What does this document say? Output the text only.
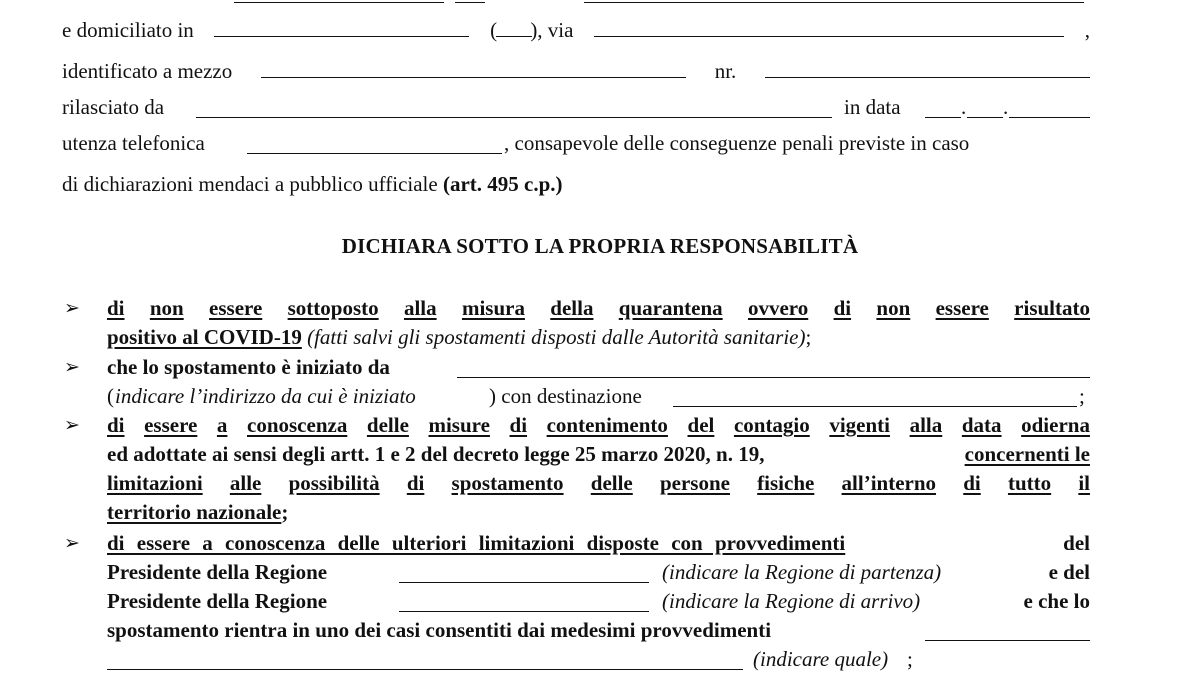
e domiciliato in	( ), via	,
identificato a mezzo	nr.
rilasciato da	in data	. .
utenza telefonica	, consapevole delle conseguenze penali previste in caso
di dichiarazioni mendaci a pubblico ufficiale (art. 495 c.p.)
DICHIARA SOTTO LA PROPRIA RESPONSABILITÀ
➢ di non essere sottoposto alla misura della quarantena ovvero di non essere risultato
positivo al COVID-19 (fatti salvi gli spostamenti disposti dalle Autorità sanitarie);
➢ che lo spostamento è iniziato da
( indicare l’indirizzo da cui è iniziato	) con destinazione	;
➢ di essere a conoscenza delle misure di contenimento del contagio vigenti alla data odierna
ed adottate ai sensi degli artt. 1 e 2 del decreto legge 25 marzo 2020, n. 19,	concernenti le
limitazioni alle possibilità di spostamento delle persone fisiche all’interno di tutto il
territorio nazionale;
➢ di essere a conoscenza delle ulteriori limitazioni disposte con provvedimenti	del
Presidente della Regione	(indicare la Regione di partenza)	e del
Presidente della Regione	(indicare la Regione di arrivo)	e che lo
spostamento rientra in uno dei casi consentiti dai medesimi provvedimenti
(indicare quale) ;
